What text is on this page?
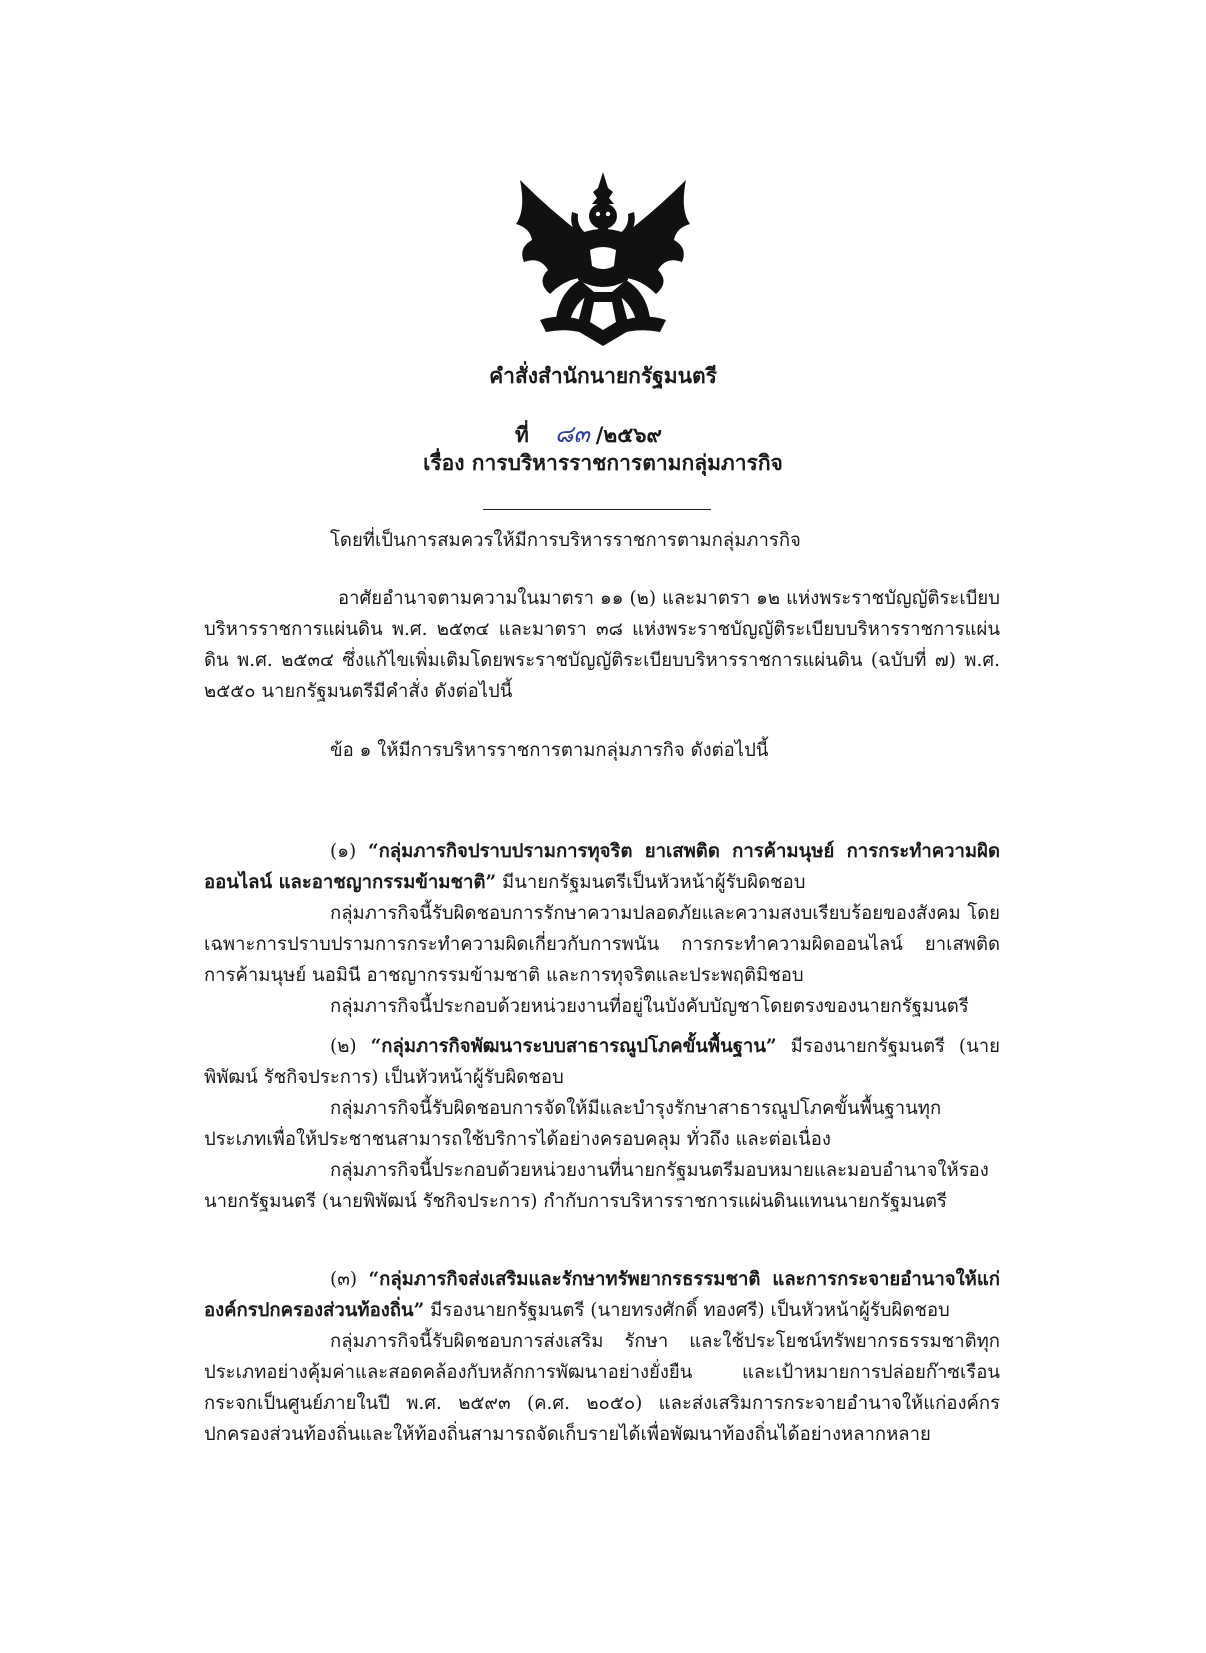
คำสั่งสำนักนายกรัฐมนตรี
ที่ ๘๓ /๒๕๖๙
เรื่อง การบริหารราชการตามกลุ่มภารกิจ

โดยที่เป็นการสมควรให้มีการบริหารราชการตามกลุ่มภารกิจ

อาศัยอำนาจตามความในมาตรา ๑๑ (๒) และมาตรา ๑๒ แห่งพระราชบัญญัติระเบียบบริหารราชการแผ่นดิน พ.ศ. ๒๕๓๔ และมาตรา ๓๘ แห่งพระราชบัญญัติระเบียบบริหารราชการแผ่นดิน พ.ศ. ๒๕๓๔ ซึ่งแก้ไขเพิ่มเติมโดยพระราชบัญญัติระเบียบบริหารราชการแผ่นดิน (ฉบับที่ ๗) พ.ศ. ๒๕๕๐ นายกรัฐมนตรีมีคำสั่ง ดังต่อไปนี้

ข้อ ๑ ให้มีการบริหารราชการตามกลุ่มภารกิจ ดังต่อไปนี้

(๑) “กลุ่มภารกิจปราบปรามการทุจริต ยาเสพติด การค้ามนุษย์ การกระทำความผิดออนไลน์ และอาชญากรรมข้ามชาติ” มีนายกรัฐมนตรีเป็นหัวหน้าผู้รับผิดชอบ

กลุ่มภารกิจนี้รับผิดชอบการรักษาความปลอดภัยและความสงบเรียบร้อยของสังคม โดยเฉพาะการปราบปรามการกระทำความผิดเกี่ยวกับการพนัน การกระทำความผิดออนไลน์ ยาเสพติด การค้ามนุษย์ นอมินี อาชญากรรมข้ามชาติ และการทุจริตและประพฤติมิชอบ

กลุ่มภารกิจนี้ประกอบด้วยหน่วยงานที่อยู่ในบังคับบัญชาโดยตรงของนายกรัฐมนตรี

(๒) “กลุ่มภารกิจพัฒนาระบบสาธารณูปโภคขั้นพื้นฐาน” มีรองนายกรัฐมนตรี (นายพิพัฒน์ รัชกิจประการ) เป็นหัวหน้าผู้รับผิดชอบ

กลุ่มภารกิจนี้รับผิดชอบการจัดให้มีและบำรุงรักษาสาธารณูปโภคขั้นพื้นฐานทุกประเภทเพื่อให้ประชาชนสามารถใช้บริการได้อย่างครอบคลุม ทั่วถึง และต่อเนื่อง

กลุ่มภารกิจนี้ประกอบด้วยหน่วยงานที่นายกรัฐมนตรีมอบหมายและมอบอำนาจให้รองนายกรัฐมนตรี (นายพิพัฒน์ รัชกิจประการ) กำกับการบริหารราชการแผ่นดินแทนนายกรัฐมนตรี

(๓) “กลุ่มภารกิจส่งเสริมและรักษาทรัพยากรธรรมชาติ และการกระจายอำนาจให้แก่องค์กรปกครองส่วนท้องถิ่น” มีรองนายกรัฐมนตรี (นายทรงศักดิ์ ทองศรี) เป็นหัวหน้าผู้รับผิดชอบ

กลุ่มภารกิจนี้รับผิดชอบการส่งเสริม รักษา และใช้ประโยชน์ทรัพยากรธรรมชาติทุกประเภทอย่างคุ้มค่าและสอดคล้องกับหลักการพัฒนาอย่างยั่งยืน และเป้าหมายการปล่อยก๊าซเรือนกระจกเป็นศูนย์ภายในปี พ.ศ. ๒๕๙๓ (ค.ศ. ๒๐๕๐) และส่งเสริมการกระจายอำนาจให้แก่องค์กรปกครองส่วนท้องถิ่นและให้ท้องถิ่นสามารถจัดเก็บรายได้เพื่อพัฒนาท้องถิ่นได้อย่างหลากหลาย
